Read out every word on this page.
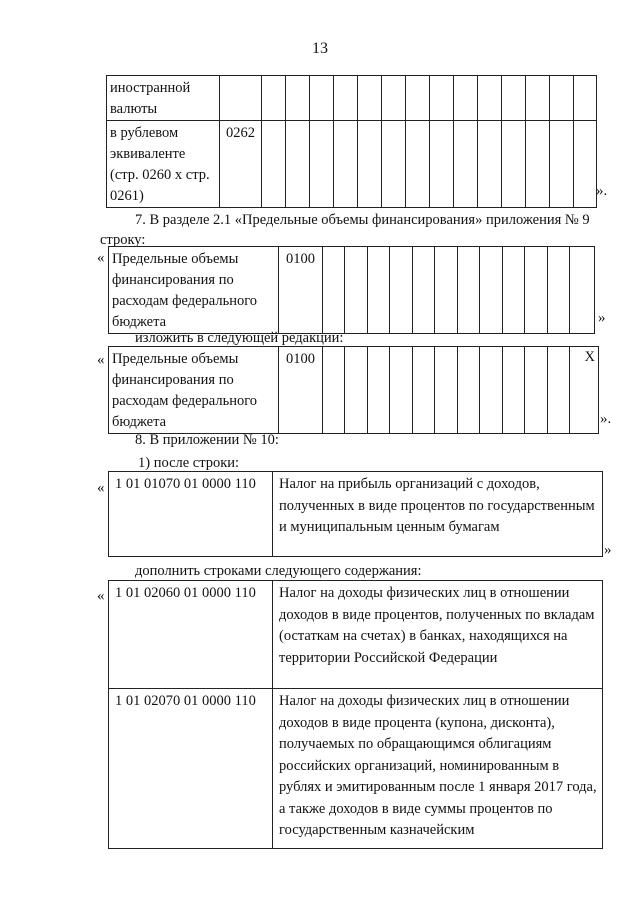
13
иностранной валюты															
в рублевом эквиваленте (стр. 0260 x стр. 0261)	0262														
».
7. В разделе 2.1 «Предельные объемы финансирования» приложения № 9
строку:
« Предельные объемы финансирования по расходам федерального бюджета	0100												
»
изложить в следующей редакции:
« Предельные объемы финансирования по расходам федерального бюджета	0100												X
».
8. В приложении № 10:
1) после строки:
« 1 01 01070 01 0000 110	Налог на прибыль организаций с доходов, полученных в виде процентов по государственным и муниципальным ценным бумагам
»
дополнить строками следующего содержания:
« 1 01 02060 01 0000 110	Налог на доходы физических лиц в отношении доходов в виде процентов, полученных по вкладам (остаткам на счетах) в банках, находящихся на территории Российской Федерации
1 01 02070 01 0000 110	Налог на доходы физических лиц в отношении доходов в виде процента (купона, дисконта), получаемых по обращающимся облигациям российских организаций, номинированным в рублях и эмитированным после 1 января 2017 года, а также доходов в виде суммы процентов по государственным казначейским
